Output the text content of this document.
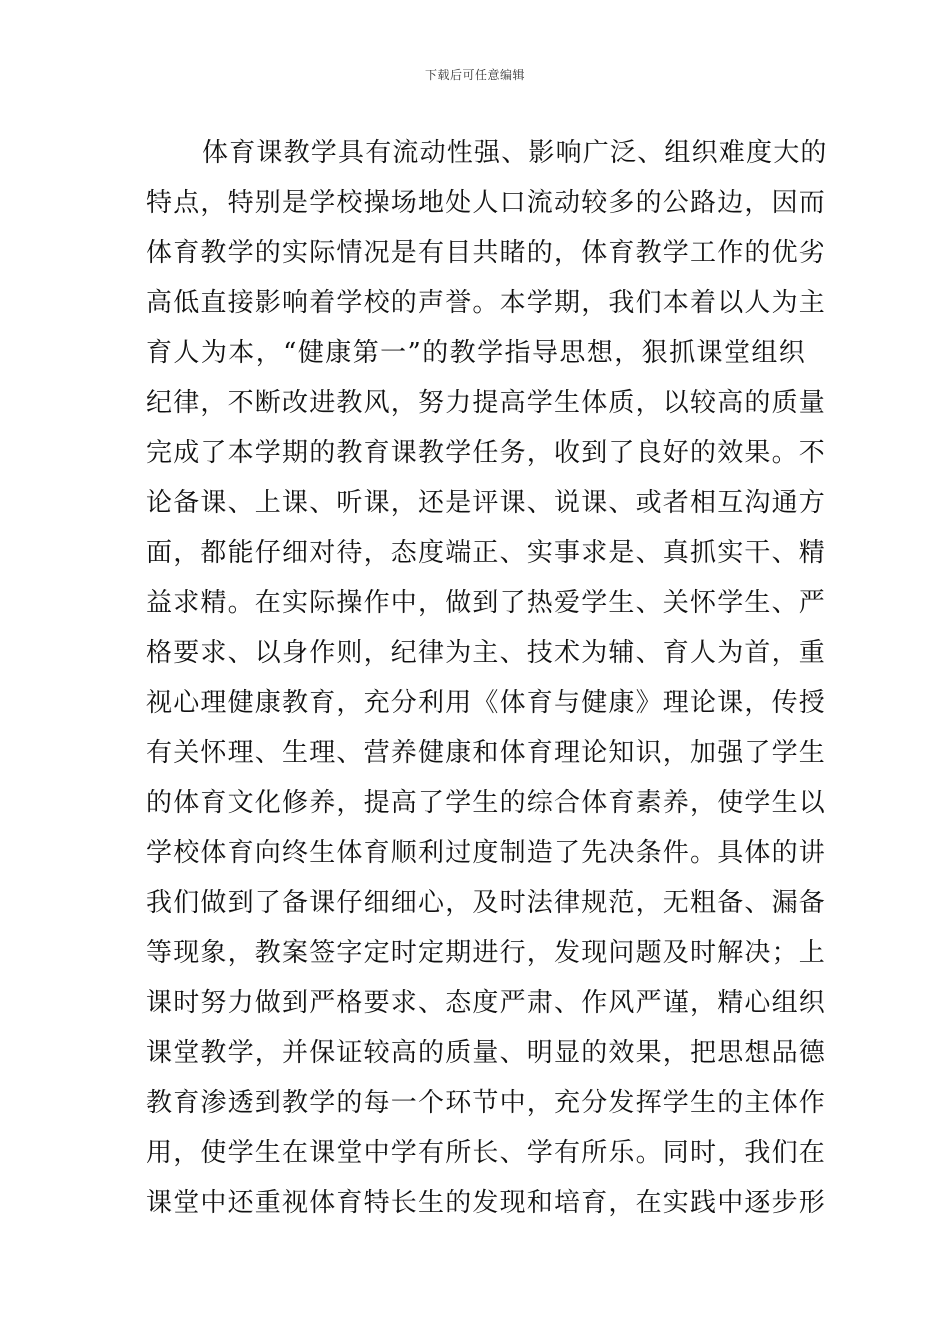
下载后可任意编辑
体育课教学具有流动性强、影响广泛、组织难度大的
特点，特别是学校操场地处人口流动较多的公路边，因而
体育教学的实际情况是有目共睹的，体育教学工作的优劣
高低直接影响着学校的声誉。本学期，我们本着以人为主
育人为本，“健康第一”的教学指导思想，狠抓课堂组织
纪律，不断改进教风，努力提高学生体质，以较高的质量
完成了本学期的教育课教学任务，收到了良好的效果。不
论备课、上课、听课，还是评课、说课、或者相互沟通方
面，都能仔细对待，态度端正、实事求是、真抓实干、精
益求精。在实际操作中，做到了热爱学生、关怀学生、严
格要求、以身作则，纪律为主、技术为辅、育人为首，重
视心理健康教育，充分利用《体育与健康》理论课，传授
有关怀理、生理、营养健康和体育理论知识，加强了学生
的体育文化修养，提高了学生的综合体育素养，使学生以
学校体育向终生体育顺利过度制造了先决条件。具体的讲
我们做到了备课仔细细心，及时法律规范，无粗备、漏备
等现象，教案签字定时定期进行，发现问题及时解决；上
课时努力做到严格要求、态度严肃、作风严谨，精心组织
课堂教学，并保证较高的质量、明显的效果，把思想品德
教育渗透到教学的每一个环节中，充分发挥学生的主体作
用，使学生在课堂中学有所长、学有所乐。同时，我们在
课堂中还重视体育特长生的发现和培育，在实践中逐步形
